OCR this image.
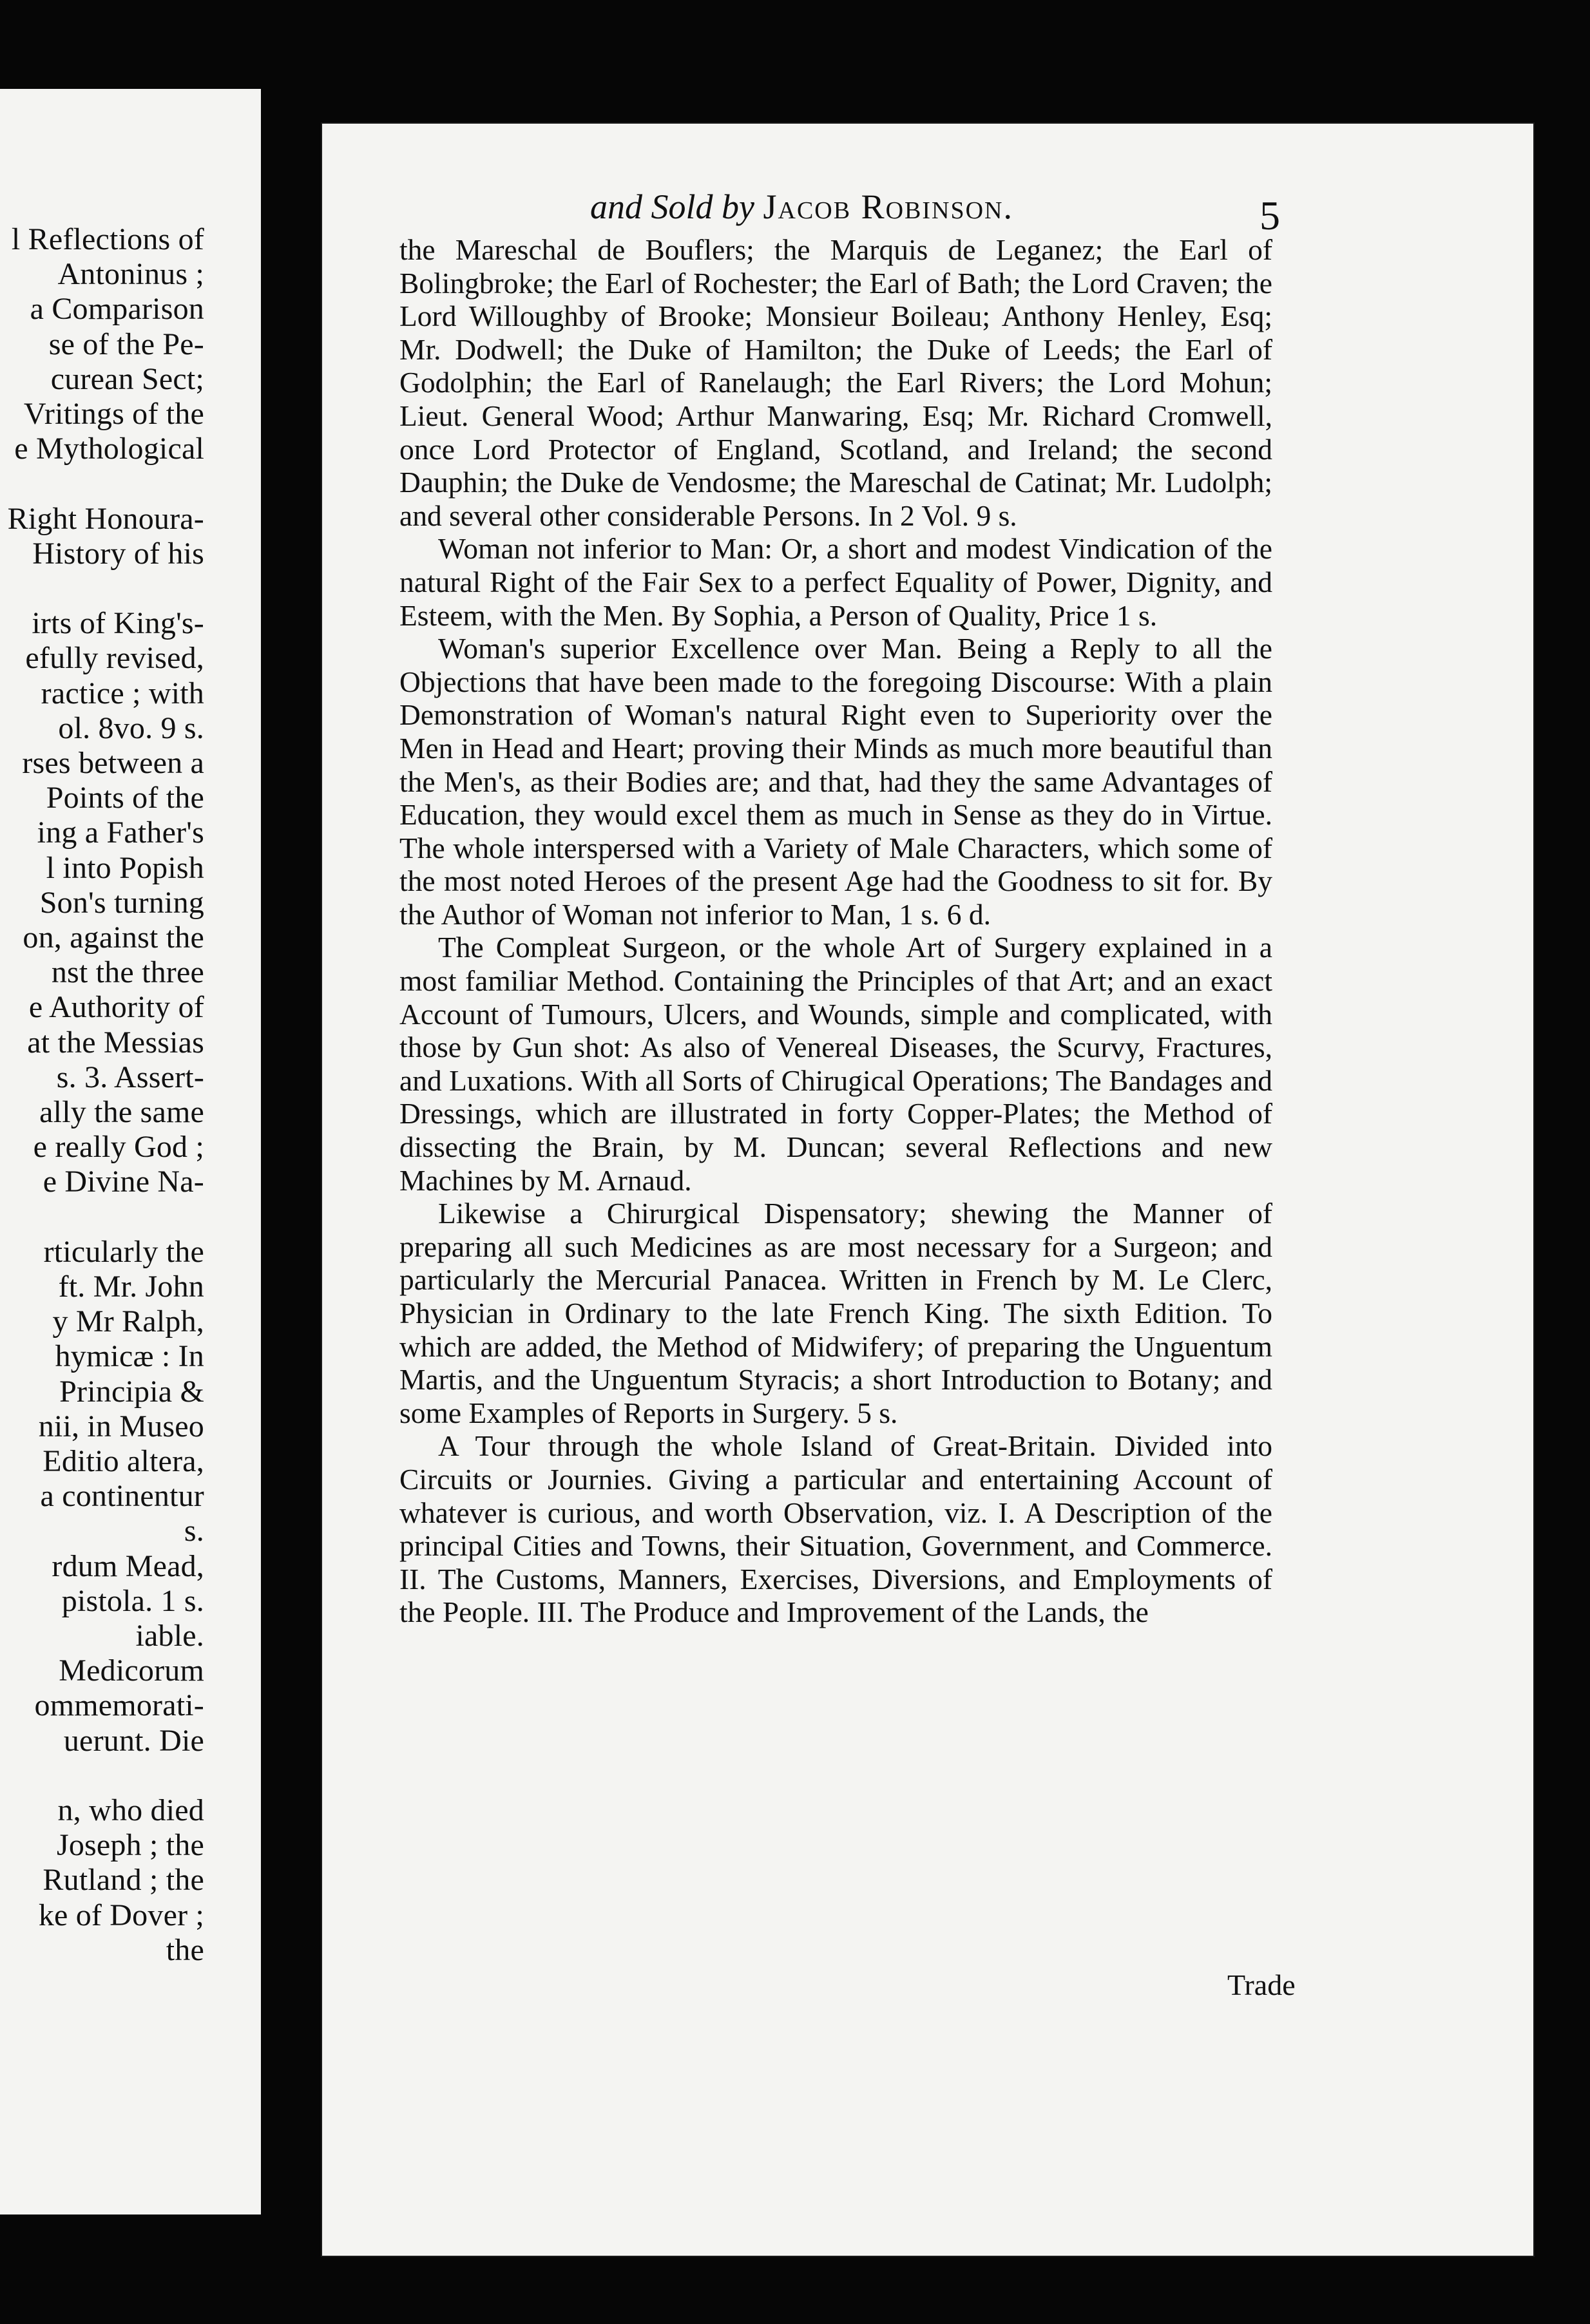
l Reflections of
Antoninus ;
a Comparison
se of the Pe-
curean Sect;
Vritings of the
e Mythological
Right Honoura-
History of his
irts of King's-
efully revised,
ractice ; with
ol. 8vo. 9 s.
rses between a
Points of the
ing a Father's
l into Popish
Son's turning
on, against the
nst the three
e Authority of
at the Messias
s. 3. Assert-
ally the same
e really God ;
e Divine Na-
rticularly the
ft. Mr. John
y Mr Ralph,
hymicæ : In
Principia &
nii, in Museo
Editio altera,
a continentur
s.
rdum Mead,
pistola. 1 s.
iable.
Medicorum
ommemorati-
uerunt. Die
n, who died
Joseph ; the
Rutland ; the
ke of Dover ;
the
and Sold by Jacob Robinson.	5

the Mareschal de Bouflers; the Marquis de Leganez; the Earl of Bolingbroke; the Earl of Rochester; the Earl of Bath; the Lord Craven; the Lord Willoughby of Brooke; Monsieur Boileau; Anthony Henley, Esq; Mr. Dodwell; the Duke of Hamilton; the Duke of Leeds; the Earl of Godolphin; the Earl of Ranelaugh; the Earl Rivers; the Lord Mohun; Lieut. General Wood; Arthur Manwaring, Esq; Mr. Richard Cromwell, once Lord Protector of England, Scotland, and Ireland; the second Dauphin; the Duke de Vendosme; the Mareschal de Catinat; Mr. Ludolph; and several other considerable Persons. In 2 Vol. 9 s.

Woman not inferior to Man: Or, a short and modest Vindication of the natural Right of the Fair Sex to a perfect Equality of Power, Dignity, and Esteem, with the Men. By Sophia, a Person of Quality, Price 1 s.

Woman's superior Excellence over Man. Being a Reply to all the Objections that have been made to the foregoing Discourse: With a plain Demonstration of Woman's natural Right even to Superiority over the Men in Head and Heart; proving their Minds as much more beautiful than the Men's, as their Bodies are; and that, had they the same Advantages of Education, they would excel them as much in Sense as they do in Virtue. The whole interspersed with a Variety of Male Characters, which some of the most noted Heroes of the present Age had the Goodness to sit for. By the Author of Woman not inferior to Man, 1 s. 6 d.

The Compleat Surgeon, or the whole Art of Surgery explained in a most familiar Method. Containing the Principles of that Art; and an exact Account of Tumours, Ulcers, and Wounds, simple and complicated, with those by Gun shot: As also of Venereal Diseases, the Scurvy, Fractures, and Luxations. With all Sorts of Chirugical Operations; The Bandages and Dressings, which are illustrated in forty Copper-Plates; the Method of dissecting the Brain, by M. Duncan; several Reflections and new Machines by M. Arnaud.

Likewise a Chirurgical Dispensatory; shewing the Manner of preparing all such Medicines as are most necessary for a Surgeon; and particularly the Mercurial Panacea. Written in French by M. Le Clerc, Physician in Ordinary to the late French King. The sixth Edition. To which are added, the Method of Midwifery; of preparing the Unguentum Martis, and the Unguentum Styracis; a short Introduction to Botany; and some Examples of Reports in Surgery. 5 s.

A Tour through the whole Island of Great-Britain. Divided into Circuits or Journies. Giving a particular and entertaining Account of whatever is curious, and worth Observation, viz. I. A Description of the principal Cities and Towns, their Situation, Government, and Commerce. II. The Customs, Manners, Exercises, Diversions, and Employments of the People. III. The Produce and Improvement of the Lands, the

Trade
